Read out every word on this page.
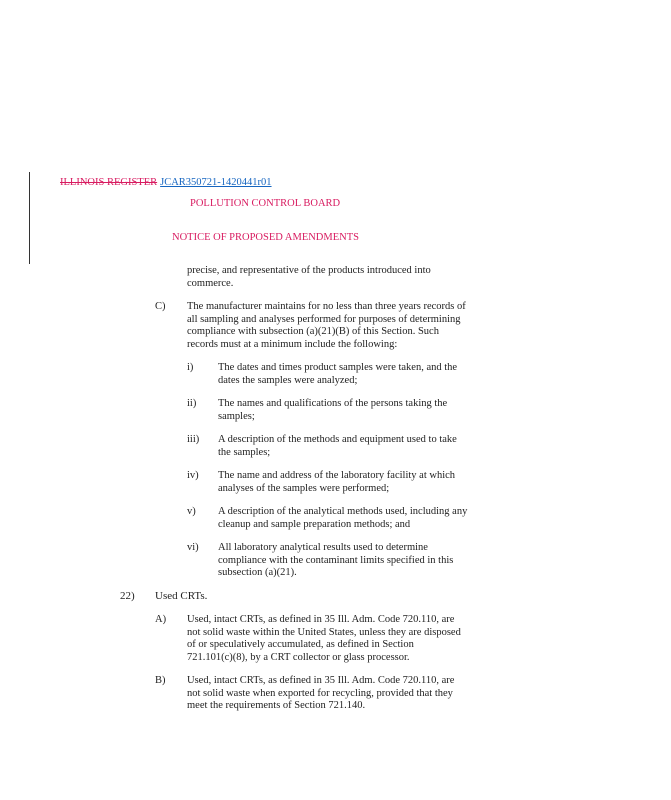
ILLINOIS REGISTER JCAR350721-1420441r01
POLLUTION CONTROL BOARD
NOTICE OF PROPOSED AMENDMENTS
precise, and representative of the products introduced into
commerce.
C) The manufacturer maintains for no less than three years records of
all sampling and analyses performed for purposes of determining
compliance with subsection (a)(21)(B) of this Section. Such
records must at a minimum include the following:
i) The dates and times product samples were taken, and the
dates the samples were analyzed;
ii) The names and qualifications of the persons taking the
samples;
iii) A description of the methods and equipment used to take
the samples;
iv) The name and address of the laboratory facility at which
analyses of the samples were performed;
v) A description of the analytical methods used, including any
cleanup and sample preparation methods; and
vi) All laboratory analytical results used to determine
compliance with the contaminant limits specified in this
subsection (a)(21).
22) Used CRTs.
A) Used, intact CRTs, as defined in 35 Ill. Adm. Code 720.110, are
not solid waste within the United States, unless they are disposed
of or speculatively accumulated, as defined in Section
721.101(c)(8), by a CRT collector or glass processor.
B) Used, intact CRTs, as defined in 35 Ill. Adm. Code 720.110, are
not solid waste when exported for recycling, provided that they
meet the requirements of Section 721.140.
